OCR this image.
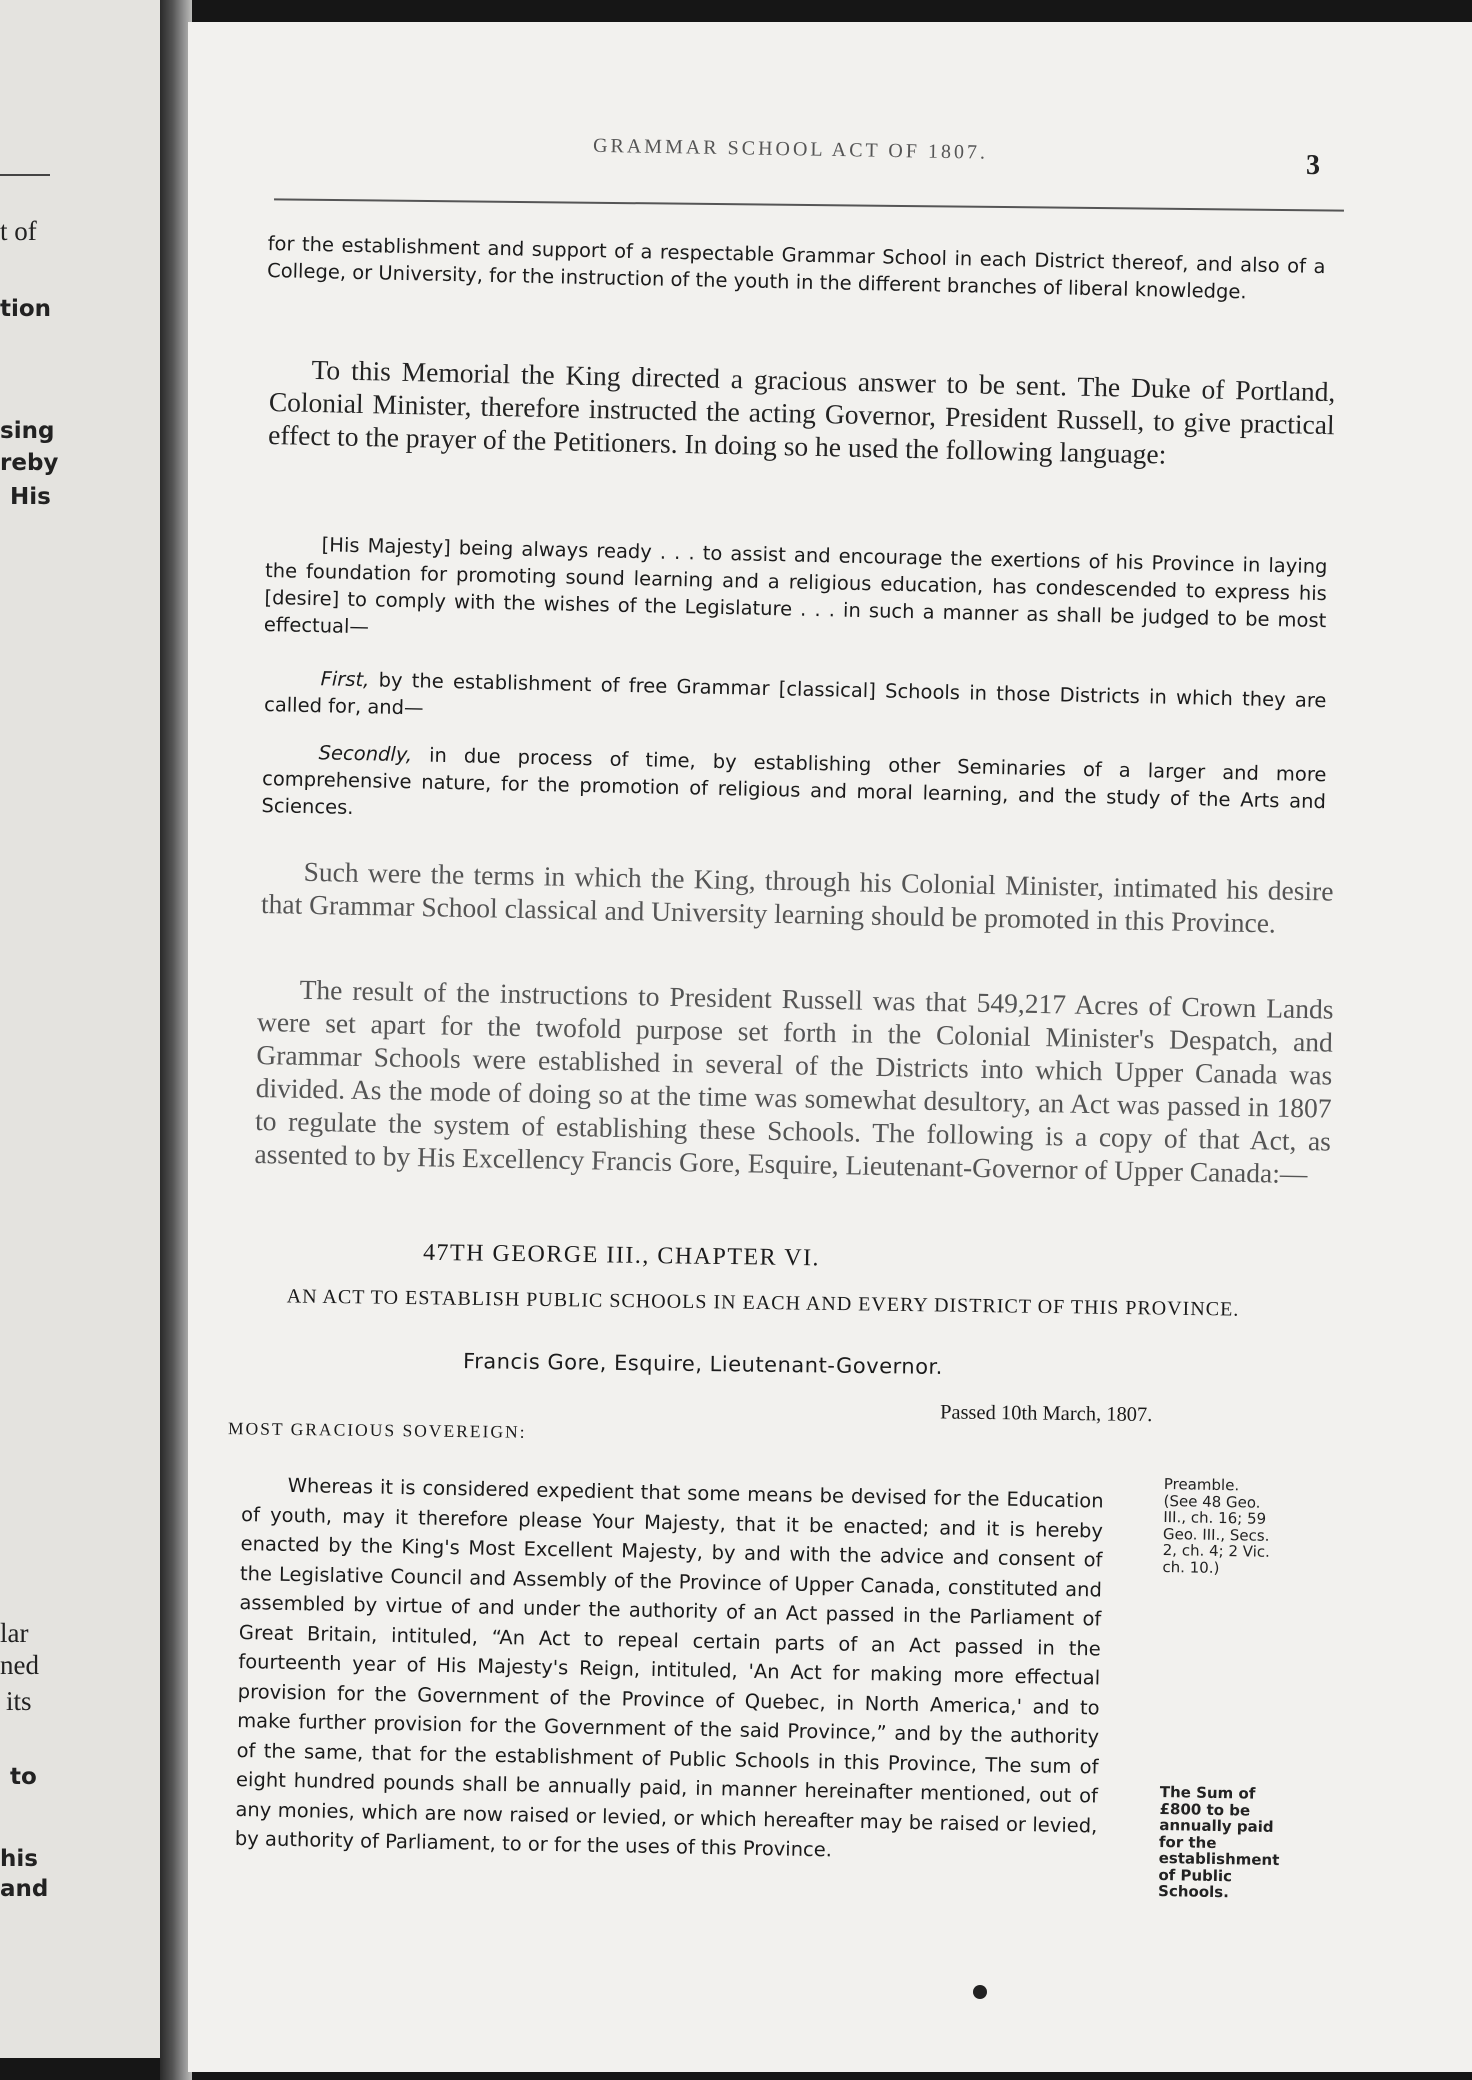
t of
tion
sing
reby
His
lar
ned
its
to
his
and
GRAMMAR SCHOOL ACT OF 1807.
3
for the establishment and support of a respectable Grammar School in each District thereof, and also of a College, or University, for the instruction of the youth in the different branches of liberal knowledge.
To this Memorial the King directed a gracious answer to be sent. The Duke of Portland, Colonial Minister, therefore instructed the acting Governor, President Russell, to give practical effect to the prayer of the Petitioners. In doing so he used the following language:
[His Majesty] being always ready . . . to assist and encourage the exertions of his Province in laying the foundation for promoting sound learning and a religious education, has condescended to express his [desire] to comply with the wishes of the Legislature . . . in such a manner as shall be judged to be most effectual—
First, by the establishment of free Grammar [classical] Schools in those Districts in which they are called for, and—
Secondly, in due process of time, by establishing other Seminaries of a larger and more comprehensive nature, for the promotion of religious and moral learning, and the study of the Arts and Sciences.
Such were the terms in which the King, through his Colonial Minister, intimated his desire that Grammar School classical and University learning should be promoted in this Province.
The result of the instructions to President Russell was that 549,217 Acres of Crown Lands were set apart for the twofold purpose set forth in the Colonial Minister's Despatch, and Grammar Schools were established in several of the Districts into which Upper Canada was divided. As the mode of doing so at the time was somewhat desultory, an Act was passed in 1807 to regulate the system of establishing these Schools. The following is a copy of that Act, as assented to by His Excellency Francis Gore, Esquire, Lieutenant-Governor of Upper Canada:—
47TH GEORGE III., CHAPTER VI.
AN ACT TO ESTABLISH PUBLIC SCHOOLS IN EACH AND EVERY DISTRICT OF THIS PROVINCE.
Francis Gore, Esquire, Lieutenant-Governor.
Passed 10th March, 1807.
MOST GRACIOUS SOVEREIGN:
Whereas it is considered expedient that some means be devised for the Education of youth, may it therefore please Your Majesty, that it be enacted; and it is hereby enacted by the King's Most Excellent Majesty, by and with the advice and consent of the Legislative Council and Assembly of the Province of Upper Canada, constituted and assembled by virtue of and under the authority of an Act passed in the Parliament of Great Britain, intituled, “An Act to repeal certain parts of an Act passed in the fourteenth year of His Majesty's Reign, intituled, 'An Act for making more effectual provision for the Government of the Province of Quebec, in North America,' and to make further provision for the Government of the said Province,” and by the authority of the same, that for the establishment of Public Schools in this Province, The sum of eight hundred pounds shall be annually paid, in manner hereinafter mentioned, out of any monies, which are now raised or levied, or which hereafter may be raised or levied, by authority of Parliament, to or for the uses of this Province.
Preamble.
(See 48 Geo. III., ch. 16; 59 Geo. III., Secs. 2, ch. 4; 2 Vic. ch. 10.)
The Sum of £800 to be annually paid for the establishment of Public Schools.
